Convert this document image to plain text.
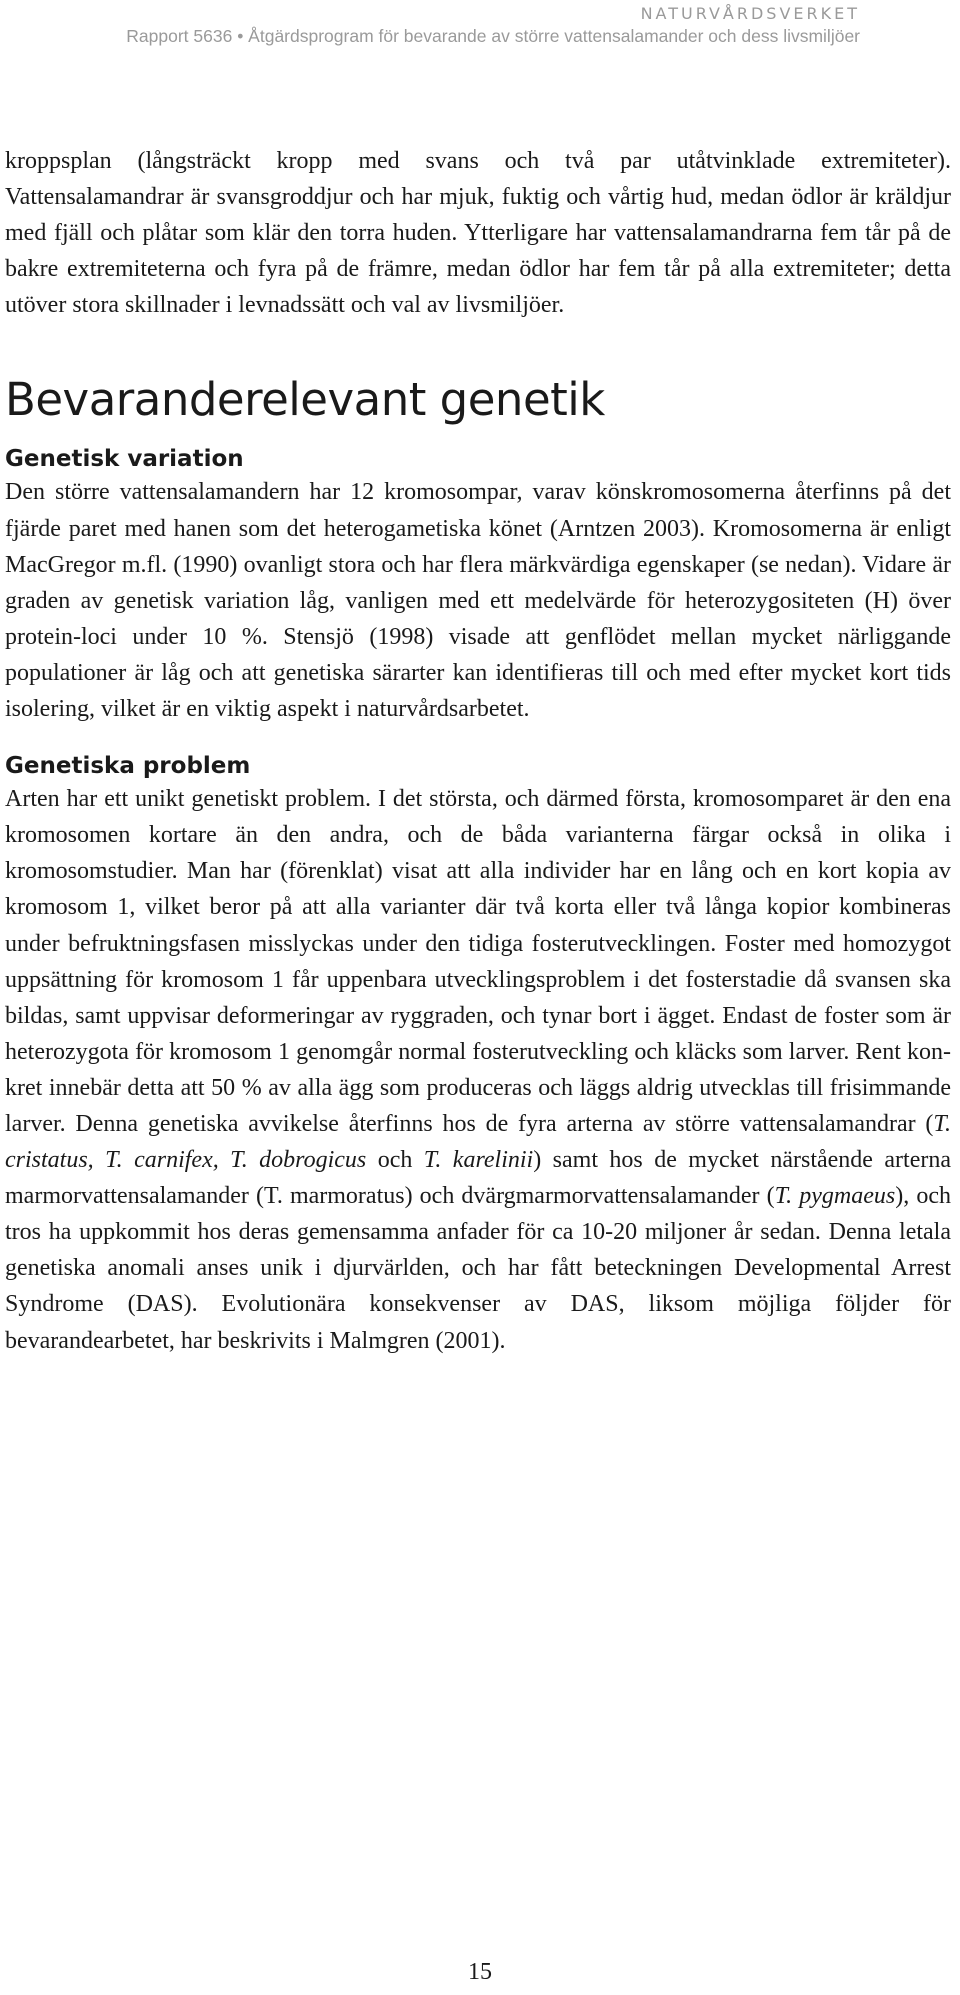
NATURVÅRDSVERKET
Rapport 5636 • Åtgärdsprogram för bevarande av större vattensalamander och dess livsmiljöer

kroppsplan (långsträckt kropp med svans och två par utåtvinklade extremiteter). Vattensalamandrar är svansgroddjur och har mjuk, fuktig och vårtig hud, medan ödlor är kräldjur med fjäll och plåtar som klär den torra huden. Ytterligare har vattensalamandrarna fem tår på de bakre extremiteterna och fyra på de främre, medan ödlor har fem tår på alla extremiteter; detta utöver stora skillnader i levnadssätt och val av livsmiljöer.

Bevaranderelevant genetik
Genetisk variation

Den större vattensalamandern har 12 kromosompar, varav könskromosomerna återfinns på det fjärde paret med hanen som det heterogametiska könet (Arntzen 2003). Kromosomerna är enligt MacGregor m.fl. (1990) ovanligt stora och har flera märkvärdiga egenskaper (se nedan). Vidare är graden av genetisk variation låg, vanligen med ett medelvärde för heterozygositeten (H) över protein-loci under 10 %. Stensjö (1998) visade att genflödet mellan mycket närliggande populationer är låg och att genetiska särarter kan identifieras till och med efter mycket kort tids isolering, vilket är en viktig aspekt i naturvårdsarbetet.

Genetiska problem

Arten har ett unikt genetiskt problem. I det största, och därmed första, kromosomparet är den ena kromosomen kortare än den andra, och de båda varianterna färgar också in olika i kromosomstudier. Man har (förenklat) visat att alla individer har en lång och en kort kopia av kromosom 1, vilket beror på att alla varianter där två korta eller två långa kopior kombineras under befruktningsfasen misslyckas under den tidiga fosterutvecklingen. Foster med homozygot uppsättning för kromosom 1 får uppenbara utvecklingsproblem i det fosterstadie då svansen ska bildas, samt uppvisar deformeringar av ryggraden, och tynar bort i ägget. Endast de foster som är heterozygota för kromosom 1 genomgår normal fosterutveckling och kläcks som larver. Rent konkret innebär detta att 50 % av alla ägg som produceras och läggs aldrig utvecklas till frisimmande larver. Denna genetiska avvikelse återfinns hos de fyra arterna av större vattensalamandrar (T. cristatus, T. carnifex, T. dobrogicus och T. karelinii) samt hos de mycket närstående arterna marmorvattensalamander (T. marmoratus) och dvärgmarmorvattensalamander (T. pygmaeus), och tros ha uppkommit hos deras gemensamma anfader för ca 10-20 miljoner år sedan. Denna letala genetiska anomali anses unik i djurvärlden, och har fått beteckningen Developmental Arrest Syndrome (DAS). Evolutionära konsekvenser av DAS, liksom möjliga följder för bevarandearbetet, har beskrivits i Malmgren (2001).

15
